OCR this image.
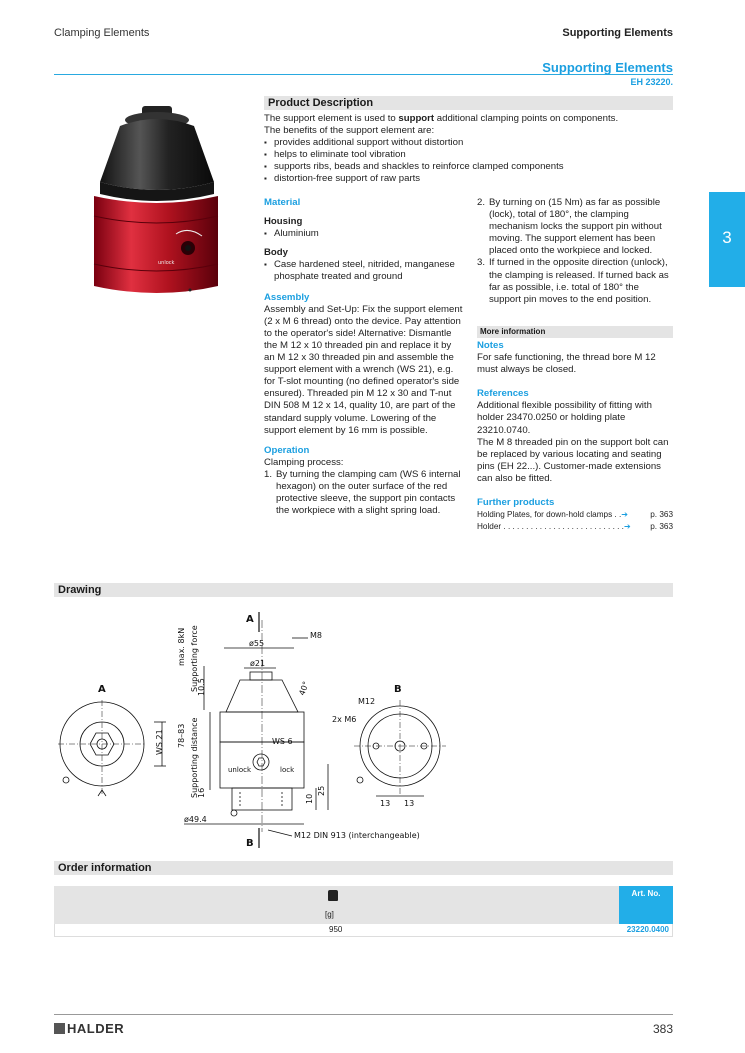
Clamping Elements	Supporting Elements
Supporting Elements
EH 23220.
3
unlock
Product Description

The support element is used to support additional clamping points on components.

The benefits of the support element are:

▪ provides additional support without distortion

▪ helps to eliminate tool vibration

▪ supports ribs, beads and shackles to reinforce clamped components

▪ distortion-free support of raw parts

Material

Housing

▪ Aluminium

Body

▪ Case hardened steel, nitrided, manganese phosphate treated and ground

Assembly

Assembly and Set-Up: Fix the support element (2 x M 6 thread) onto the device. Pay attention to the operator's side! Alternative: Dismantle the M 12 x 10 threaded pin and replace it by an M 12 x 30 threaded pin and assemble the support element with a wrench (WS 21), e.g. for T-slot mounting (no defined operator's side ensured). Threaded pin M 12 x 30 and T-nut DIN 508 M 12 x 14, quality 10, are part of the standard supply volume. Lowering of the support element by 16 mm is possible.

Operation

Clamping process:

1. By turning the clamping cam (WS 6 internal hexagon) on the outer surface of the red protective sleeve, the support pin contacts the workpiece with a slight spring load.

2. By turning on (15 Nm) as far as possible (lock), total of 180°, the clamping mechanism locks the support pin without moving. The support element has been placed onto the workpiece and locked.

3. If turned in the opposite direction (unlock), the clamping is released. If turned back as far as possible, i.e. total of 180° the support pin moves to the end position.

More information

Notes

For safe functioning, the thread bore M 12 must always be closed.

References

Additional flexible possibility of fitting with holder 23470.0250 or holding plate 23210.0740.

The M 8 threaded pin on the support bolt can be replaced by various locating and seating pins (EH 22...). Customer-made extensions can also be fitted.

Further products

Holding Plates, for down-hold clamps . .➔	p. 363

Holder . . . . . . . . . . . . . . . . . . . . . . . . . . .➔ p. 363

Drawing
A
WS 21
A
ø55
M8
ø21
WS 6
unlock	lock
40°
ø49.4
B
M12 DIN 913 (interchangeable)
max. 8kN Supporting force
10.5
78–83 Supporting distance
16
10
25
B
M12
2x M6
13 13
Order information
[g]
Art. No.
950	23220.0400
HALDER	383
